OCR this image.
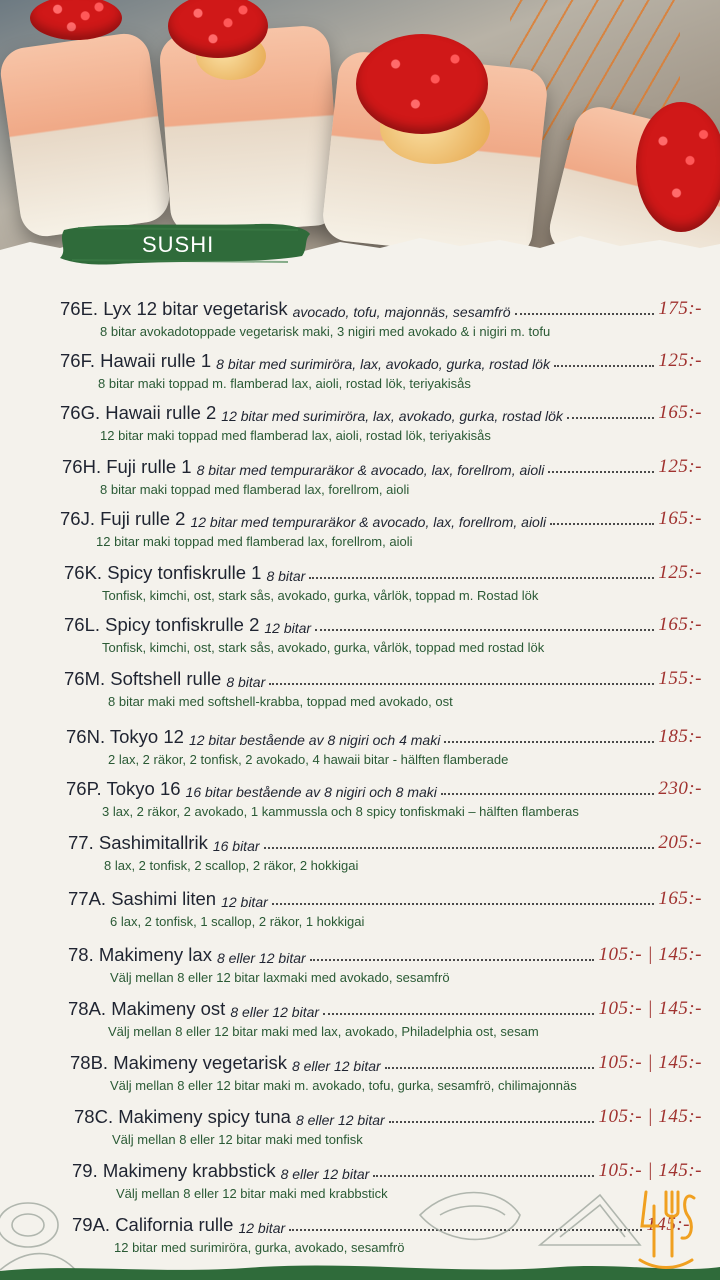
SUSHI
76E. Lyx 12 bitar vegetarisk avocado, tofu, majonnäs, sesamfrö	175:-
8 bitar avokadotoppade vegetarisk maki, 3 nigiri med avokado & i nigiri m. tofu
76F. Hawaii rulle 1 8 bitar med surimiröra, lax, avokado, gurka, rostad lök	125:-
8 bitar maki toppad m. flamberad lax, aioli, rostad lök, teriyakisås
76G. Hawaii rulle 2 12 bitar med surimiröra, lax, avokado, gurka, rostad lök	165:-
12 bitar maki toppad med flamberad lax, aioli, rostad lök, teriyakisås
76H. Fuji rulle 1 8 bitar med tempuraräkor & avocado, lax, forellrom, aioli	125:-
8 bitar maki toppad med flamberad lax, forellrom, aioli
76J. Fuji rulle 2 12 bitar med tempuraräkor & avocado, lax, forellrom, aioli	165:-
12 bitar maki toppad med flamberad lax, forellrom, aioli
76K. Spicy tonfiskrulle 1 8 bitar	125:-
Tonfisk, kimchi, ost, stark sås, avokado, gurka, vårlök, toppad m. Rostad lök
76L. Spicy tonfiskrulle 2 12 bitar	165:-
Tonfisk, kimchi, ost, stark sås, avokado, gurka, vårlök, toppad med rostad lök
76M. Softshell rulle 8 bitar	155:-
8 bitar maki med softshell-krabba, toppad med avokado, ost
76N. Tokyo 12 12 bitar bestående av 8 nigiri och 4 maki	185:-
2 lax, 2 räkor, 2 tonfisk, 2 avokado, 4 hawaii bitar - hälften flamberade
76P. Tokyo 16 16 bitar bestående av 8 nigiri och 8 maki	230:-
3 lax, 2 räkor, 2 avokado, 1 kammussla och 8 spicy tonfiskmaki – hälften flamberas
77. Sashimitallrik 16 bitar	205:-
8 lax, 2 tonfisk, 2 scallop, 2 räkor, 2 hokkigai
77A. Sashimi liten 12 bitar	165:-
6 lax, 2 tonfisk, 1 scallop, 2 räkor, 1 hokkigai
78. Makimeny lax 8 eller 12 bitar	105:- | 145:-
Välj mellan 8 eller 12 bitar laxmaki med avokado, sesamfrö
78A. Makimeny ost 8 eller 12 bitar	105:- | 145:-
Välj mellan 8 eller 12 bitar maki med lax, avokado, Philadelphia ost, sesam
78B. Makimeny vegetarisk 8 eller 12 bitar	105:- | 145:-
Välj mellan 8 eller 12 bitar maki m. avokado, tofu, gurka, sesamfrö, chilimajonnäs
78C. Makimeny spicy tuna 8 eller 12 bitar	105:- | 145:-
Välj mellan 8 eller 12 bitar maki med tonfisk
79. Makimeny krabbstick 8 eller 12 bitar	105:- | 145:-
Välj mellan 8 eller 12 bitar maki med krabbstick
79A. California rulle 12 bitar	145:-
12 bitar med surimiröra, gurka, avokado, sesamfrö
